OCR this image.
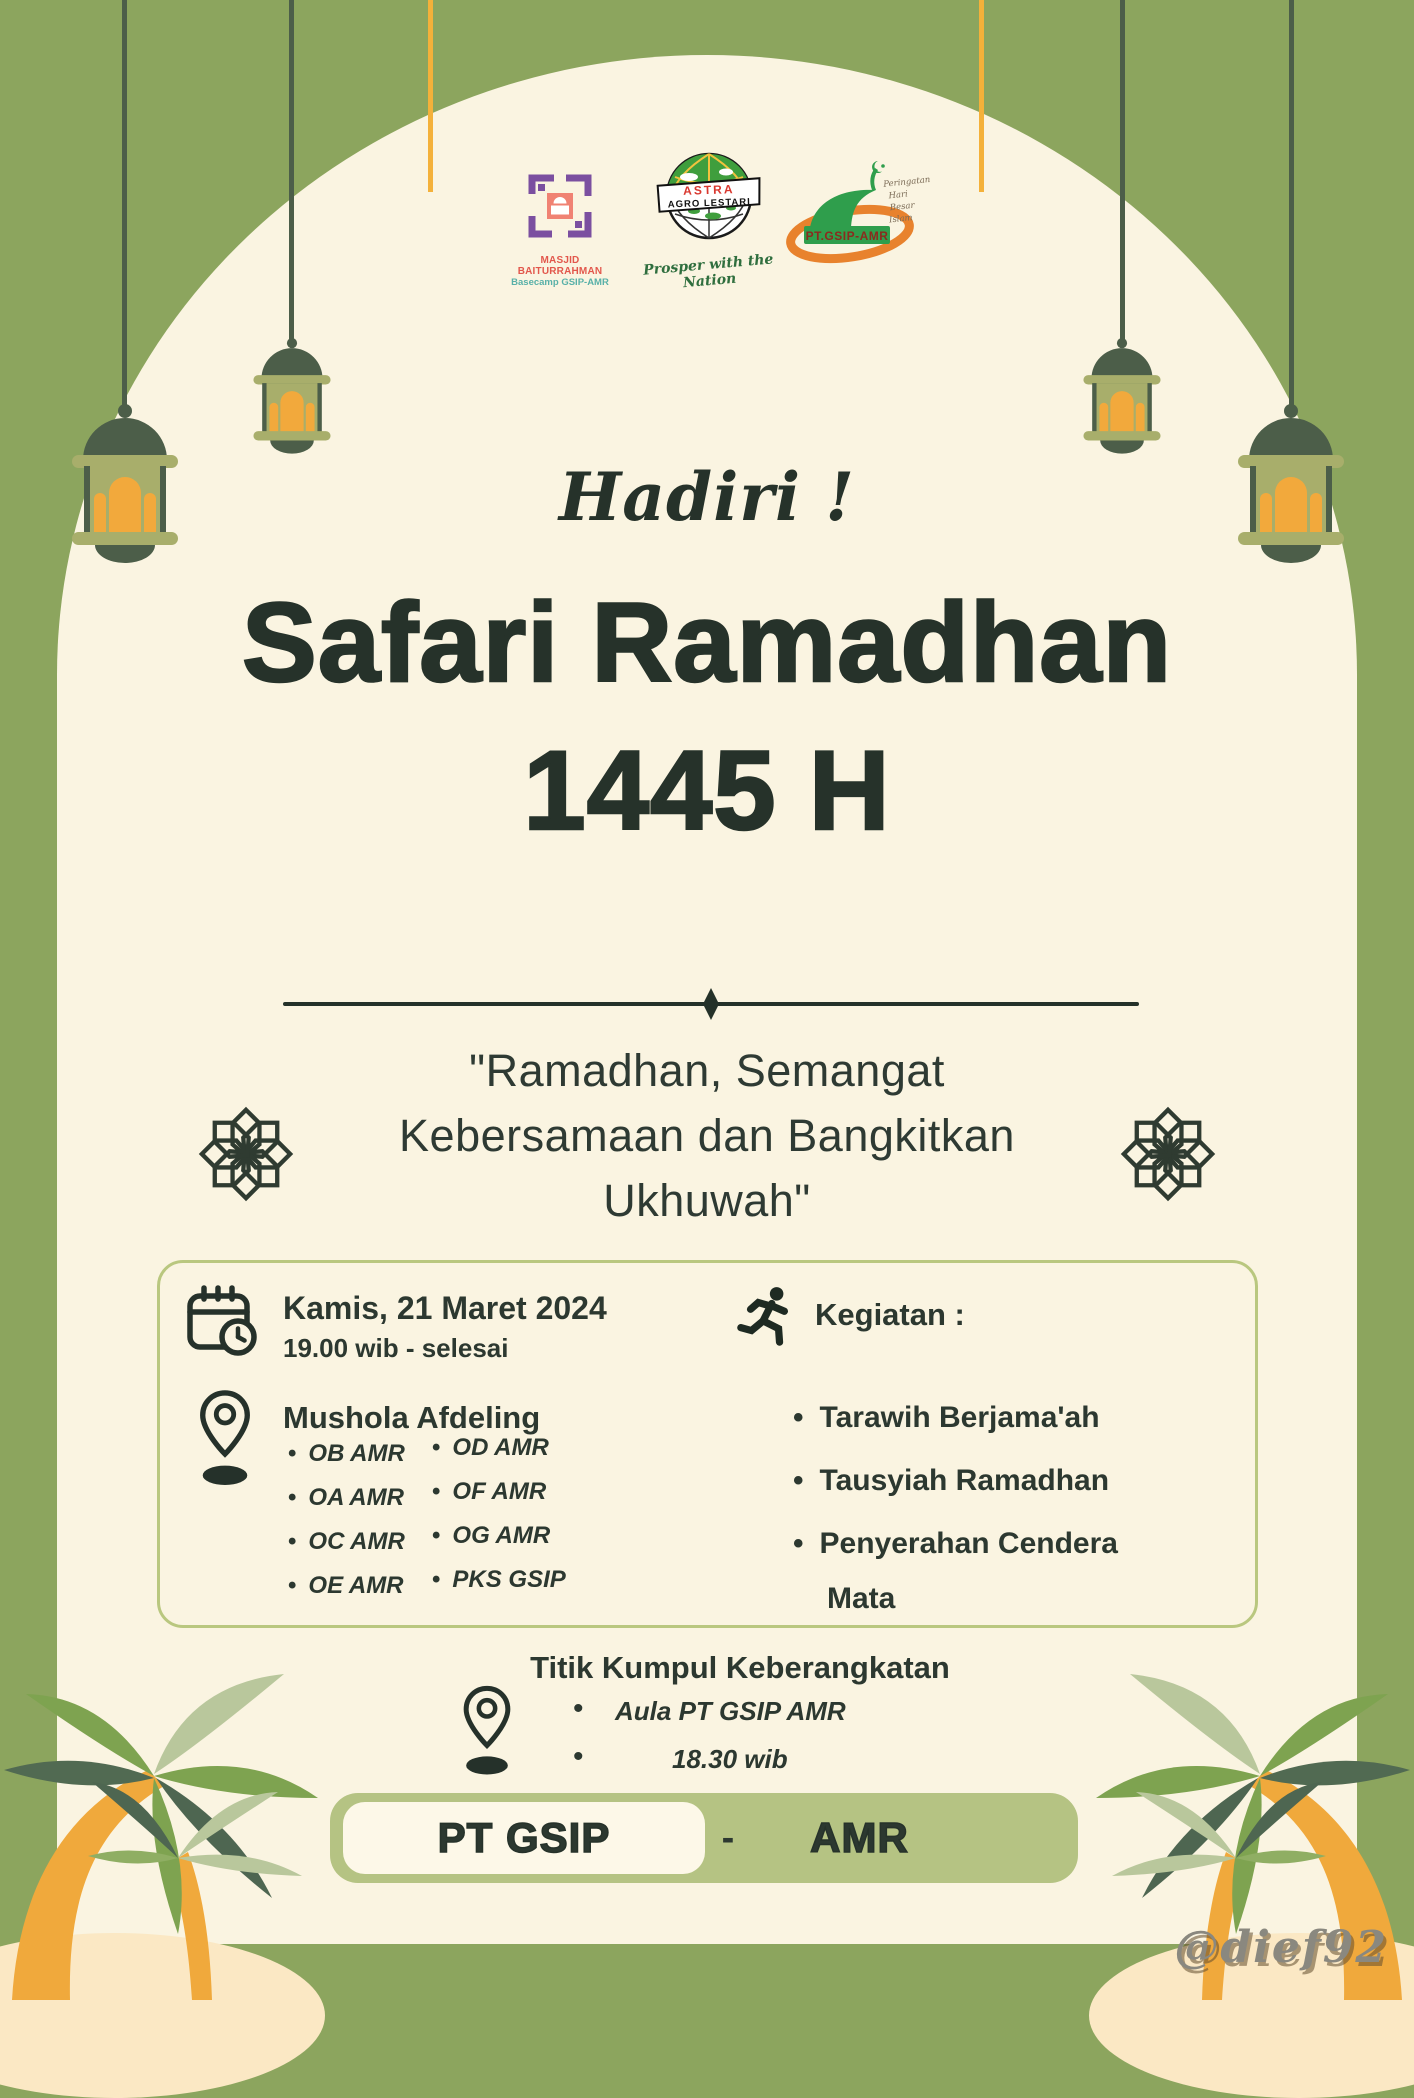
MASJID BAITURRAHMAN
Basecamp GSIP-AMR
ASTRA
AGRO LESTARI
Prosper with the Nation
PT.GSIP-AMR
Peringatan
Hari
Besar
Islam
Hadiri !
Safari Ramadhan
1445 H
"Ramadhan, Semangat
Kebersamaan dan Bangkitkan
Ukhuwah"
Kamis, 21 Maret 2024
19.00 wib - selesai
Mushola Afdeling
• OB AMR
• OA AMR
• OC AMR
• OE AMR
• OD AMR
• OF AMR
• OG AMR
• PKS GSIP
Kegiatan :
• Tarawih Berjama'ah
• Tausyiah Ramadhan
• Penyerahan Cendera Mata
Titik Kumpul Keberangkatan
• Aula PT GSIP AMR
•	18.30 wib
PT GSIP	-	AMR
@dief92
